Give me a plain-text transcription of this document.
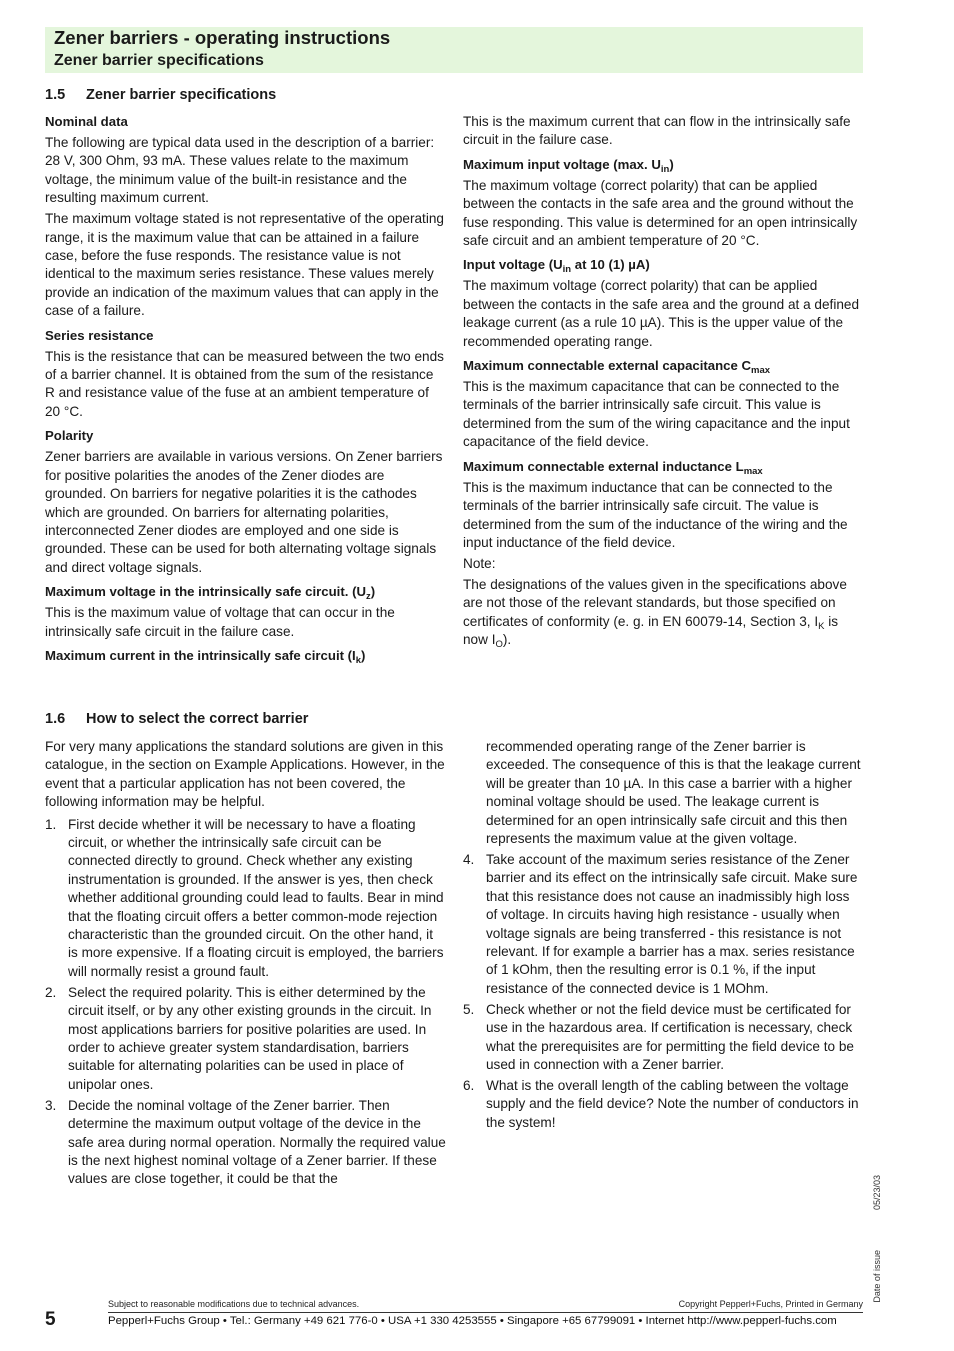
Zener barriers - operating instructions
Zener barrier specifications
1.5 Zener barrier specifications
Nominal data

The following are typical data used in the description of a barrier:

28 V, 300 Ohm, 93 mA. These values relate to the maximum voltage, the minimum value of the built-in resistance and the resulting maximum current.

The maximum voltage stated is not representative of the operating range, it is the maximum value that can be attained in a failure case, before the fuse responds. The resistance value is not identical to the maximum series resistance. These values merely provide an indication of the maximum values that can apply in the case of a failure.

Series resistance

This is the resistance that can be measured between the two ends of a barrier channel. It is obtained from the sum of the resistance R and resistance value of the fuse at an ambient temperature of 20 °C.

Polarity

Zener barriers are available in various versions. On Zener barriers for positive polarities the anodes of the Zener diodes are grounded. On barriers for negative polarities it is the cathodes which are grounded. On barriers for alternating polarities, interconnected Zener diodes are employed and one side is grounded. These can be used for both alternating voltage signals and direct voltage signals.

Maximum voltage in the intrinsically safe circuit. $(U_z)$

This is the maximum value of voltage that can occur in the intrinsically safe circuit in the failure case.

Maximum current in the intrinsically safe circuit $(I_k)$

This is the maximum current that can flow in the intrinsically safe circuit in the failure case.

Maximum input voltage (max. $U_{in}$)

The maximum voltage (correct polarity) that can be applied between the contacts in the safe area and the ground without the fuse responding. This value is determined for an open intrinsically safe circuit and an ambient temperature of 20 °C.

Input voltage ($U_{in}$ at 10 (1) µA)

The maximum voltage (correct polarity) that can be applied between the contacts in the safe area and the ground at a defined leakage current (as a rule 10 µA). This is the upper value of the recommended operating range.

Maximum connectable external capacitance $C_{max}$

This is the maximum capacitance that can be connected to the terminals of the barrier intrinsically safe circuit. This value is determined from the sum of the wiring capacitance and the input capacitance of the field device.

Maximum connectable external inductance $L_{max}$

This is the maximum inductance that can be connected to the terminals of the barrier intrinsically safe circuit. The value is determined from the sum of the inductance of the wiring and the input inductance of the field device.

Note:

The designations of the values given in the specifications above are not those of the relevant standards, but those specified on certificates of conformity (e. g. in EN 60079-14, Section 3, $I_K$ is now $I_O$).

1.6 How to select the correct barrier

For very many applications the standard solutions are given in this catalogue, in the section on Example Applications. However, in the event that a particular application has not been covered, the following information may be helpful.

1. First decide whether it will be necessary to have a floating circuit, or whether the intrinsically safe circuit can be connected directly to ground. Check whether any existing instrumentation is grounded. If the answer is yes, then check whether additional grounding could lead to faults. Bear in mind that the floating circuit offers a better common-mode rejection characteristic than the grounded circuit. On the other hand, it is more expensive. If a floating circuit is employed, the barriers will normally resist a ground fault.
2. Select the required polarity. This is either determined by the circuit itself, or by any other existing grounds in the circuit. In most applications barriers for positive polarities are used. In order to achieve greater system standardisation, barriers suitable for alternating polarities can be used in place of unipolar ones.
3. Decide the nominal voltage of the Zener barrier. Then determine the maximum output voltage of the device in the safe area during normal operation. Normally the required value is the next highest nominal voltage of a Zener barrier. If these values are close together, it could be that the
recommended operating range of the Zener barrier is exceeded. The consequence of this is that the leakage current will be greater than 10 µA. In this case a barrier with a higher nominal voltage should be used. The leakage current is determined for an open intrinsically safe circuit and this then represents the maximum value at the given voltage.
4. Take account of the maximum series resistance of the Zener barrier and its effect on the intrinsically safe circuit. Make sure that this resistance does not cause an inadmissibly high loss of voltage. In circuits having high resistance - usually when voltage signals are being transferred - this resistance is not relevant. If for example a barrier has a max. series resistance of 1 kOhm, then the resulting error is 0.1 %, if the input resistance of the connected device is 1 MOhm.
5. Check whether or not the field device must be certificated for use in the hazardous area. If certification is necessary, check what the prerequisites are for permitting the field device to be used in connection with a Zener barrier.
6. What is the overall length of the cabling between the voltage supply and the field device? Note the number of conductors in the system!
Date of issue05/23/03
Subject to reasonable modifications due to technical advances.	Copyright Pepperl+Fuchs, Printed in Germany
5	Pepperl+Fuchs Group • Tel.: Germany +49 621 776-0 • USA +1 330 4253555 • Singapore +65 67799091 • Internet http://www.pepperl-fuchs.com
